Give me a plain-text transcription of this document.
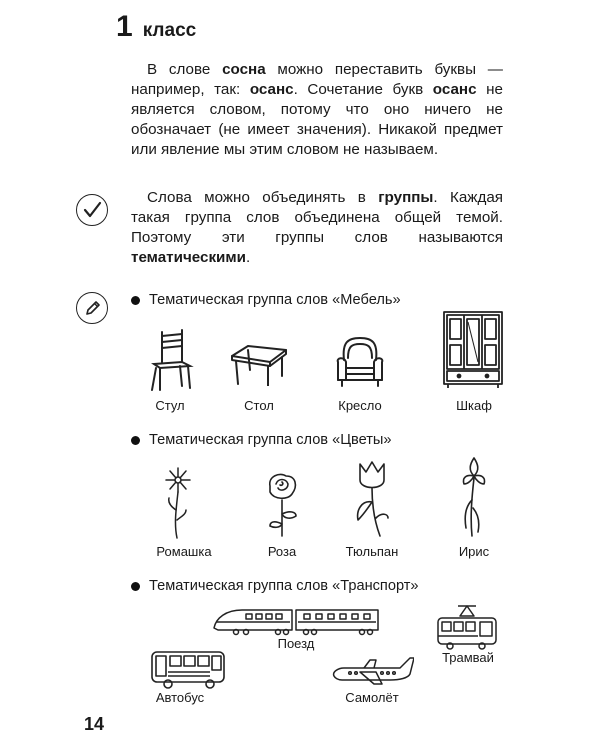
1 класс

В слове сосна можно переставить буквы — например, так: осанс. Сочетание букв осанс не является словом, потому что оно ничего не обозначает (не имеет значения). Никакой предмет или явление мы этим словом не называем.

Слова можно объединять в группы. Каждая такая группа слов объединена общей темой. Поэтому эти группы слов называются тематическими.

Тематическая группа слов «Мебель»
Стул	Стол	Кресло	Шкаф
Тематическая группа слов «Цветы»
Ромашка	Роза	Тюльпан	Ирис
Тематическая группа слов «Транспорт»
Поезд
Трамвай
Автобус	Самолёт
14
